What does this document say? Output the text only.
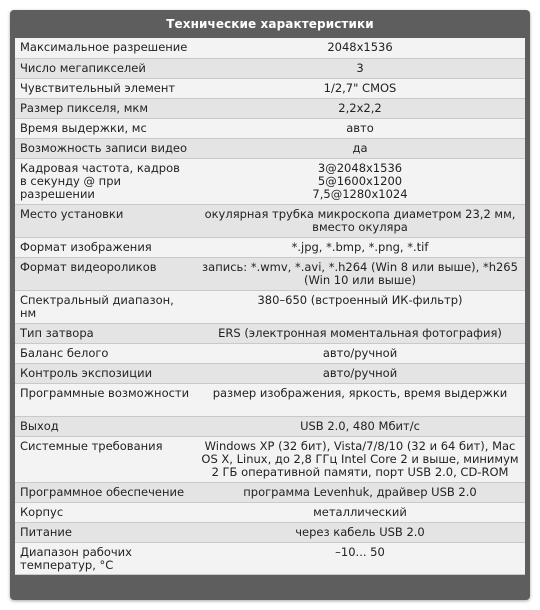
Технические характеристики
Максимальное разрешение	2048x1536
Число мегапикселей	3
Чувствительный элемент	1/2,7" CMOS
Размер пикселя, мкм	2,2x2,2
Время выдержки, мс	авто
Возможность записи видео	да
Кадровая частота, кадров в секунду @ при разрешении	3@2048x1536
5@1600x1200
7,5@1280x1024
Место установки	окулярная трубка микроскопа диаметром 23,2 мм, вместо окуляра
Формат изображения	*.jpg, *.bmp, *.png, *.tif
Формат видеороликов	запись: *.wmv, *.avi, *.h264 (Win 8 или выше), *h265 (Win 10 или выше)
Спектральный диапазон, нм	380–650 (встроенный ИК-фильтр)
Тип затвора	ERS (электронная моментальная фотография)
Баланс белого	авто/ручной
Контроль экспозиции	авто/ручной
Программные возможности	размер изображения, яркость, время выдержки
Выход	USB 2.0, 480 Мбит/с
Системные требования	Windows XP (32 бит), Vista/7/8/10 (32 и 64 бит), Mac OS X, Linux, до 2,8 ГГц Intel Core 2 и выше, минимум 2 ГБ оперативной памяти, порт USB 2.0, CD-ROM
Программное обеспечение	программа Levenhuk, драйвер USB 2.0
Корпус	металлический
Питание	через кабель USB 2.0
Диапазон рабочих температур, °С	–10... 50
